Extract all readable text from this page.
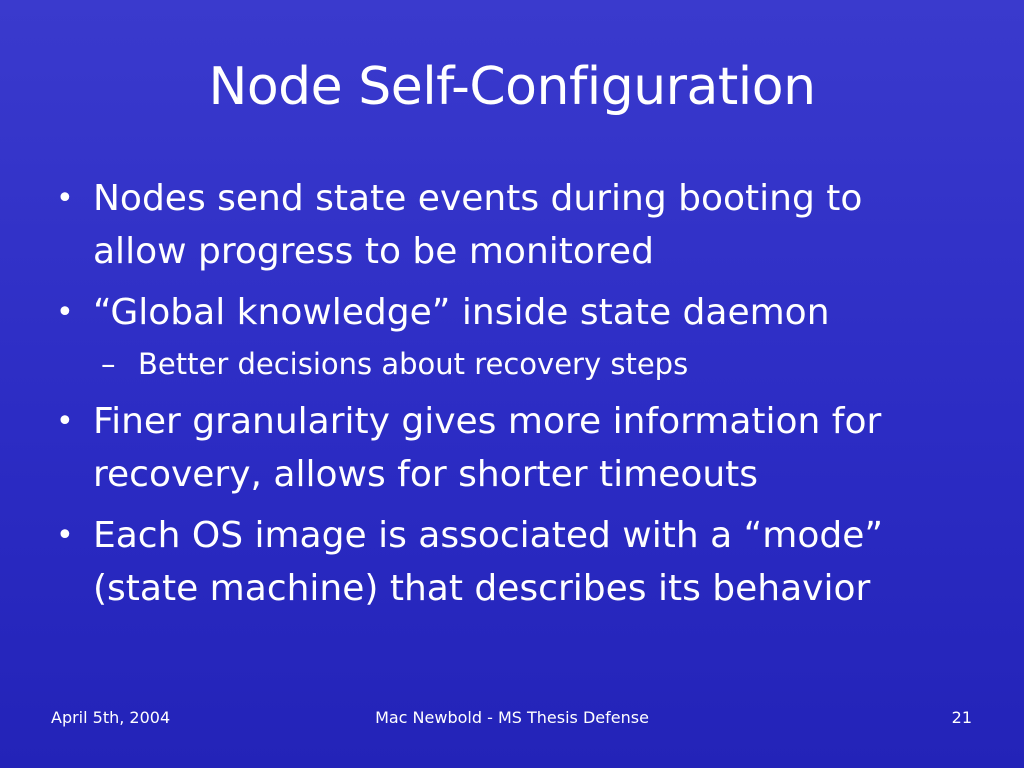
Node Self-Configuration
• Nodes send state events during booting to
allow progress to be monitored
• “Global knowledge” inside state daemon
– Better decisions about recovery steps
• Finer granularity gives more information for
recovery, allows for shorter timeouts
• Each OS image is associated with a “mode”
(state machine) that describes its behavior
April 5th, 2004	Mac Newbold - MS Thesis Defense	21
